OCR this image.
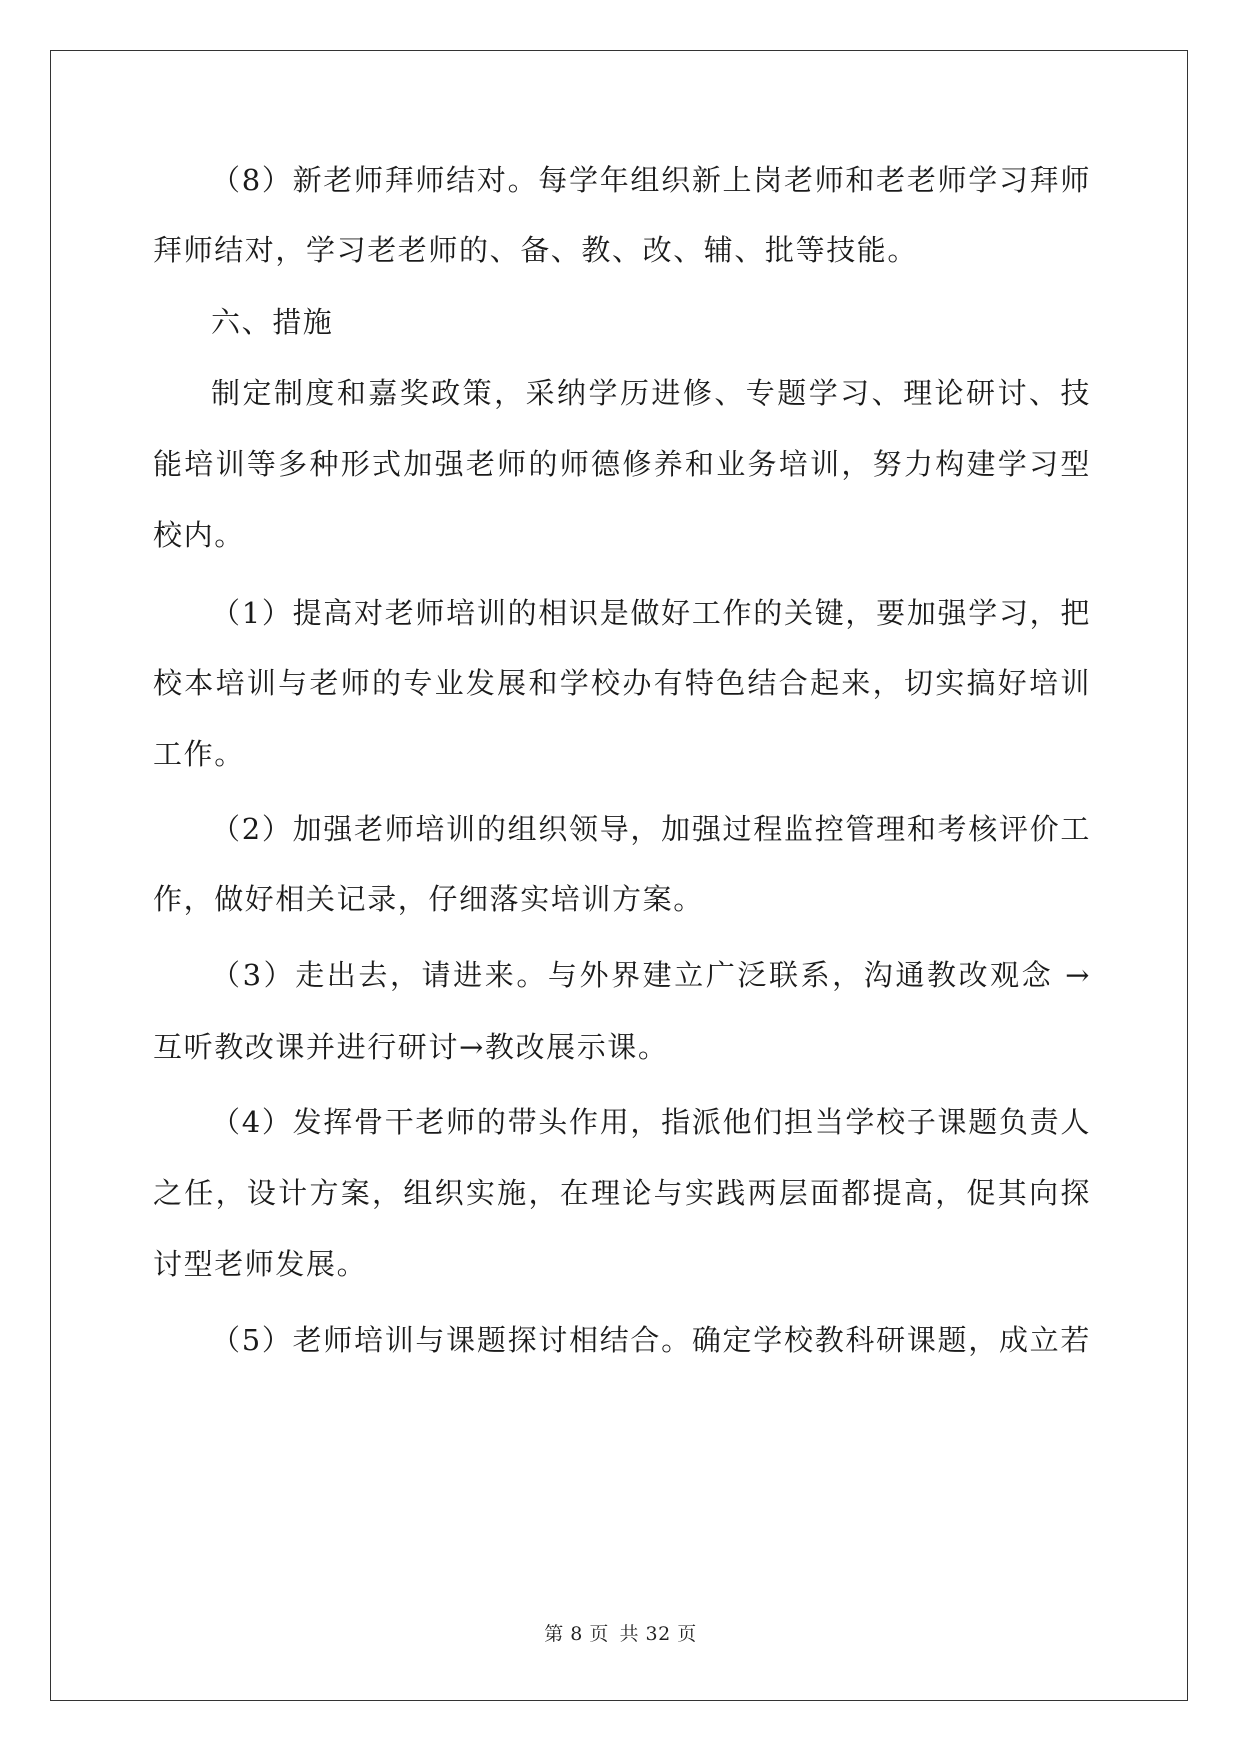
（8）新老师拜师结对。每学年组织新上岗老师和老老师学习拜师
拜师结对，学习老老师的、备、教、改、辅、批等技能。
六、措施
制定制度和嘉奖政策，采纳学历进修、专题学习、理论研讨、技
能培训等多种形式加强老师的师德修养和业务培训，努力构建学习型
校内。
（1）提高对老师培训的相识是做好工作的关键，要加强学习，把
校本培训与老师的专业发展和学校办有特色结合起来，切实搞好培训
工作。
（2）加强老师培训的组织领导，加强过程监控管理和考核评价工
作，做好相关记录，仔细落实培训方案。
（3）走出去，请进来。与外界建立广泛联系，沟通教改观念 →
互听教改课并进行研讨→教改展示课。
（4）发挥骨干老师的带头作用，指派他们担当学校子课题负责人
之任，设计方案，组织实施，在理论与实践两层面都提高，促其向探
讨型老师发展。
（5）老师培训与课题探讨相结合。确定学校教科研课题，成立若
第 8 页 共 32 页
